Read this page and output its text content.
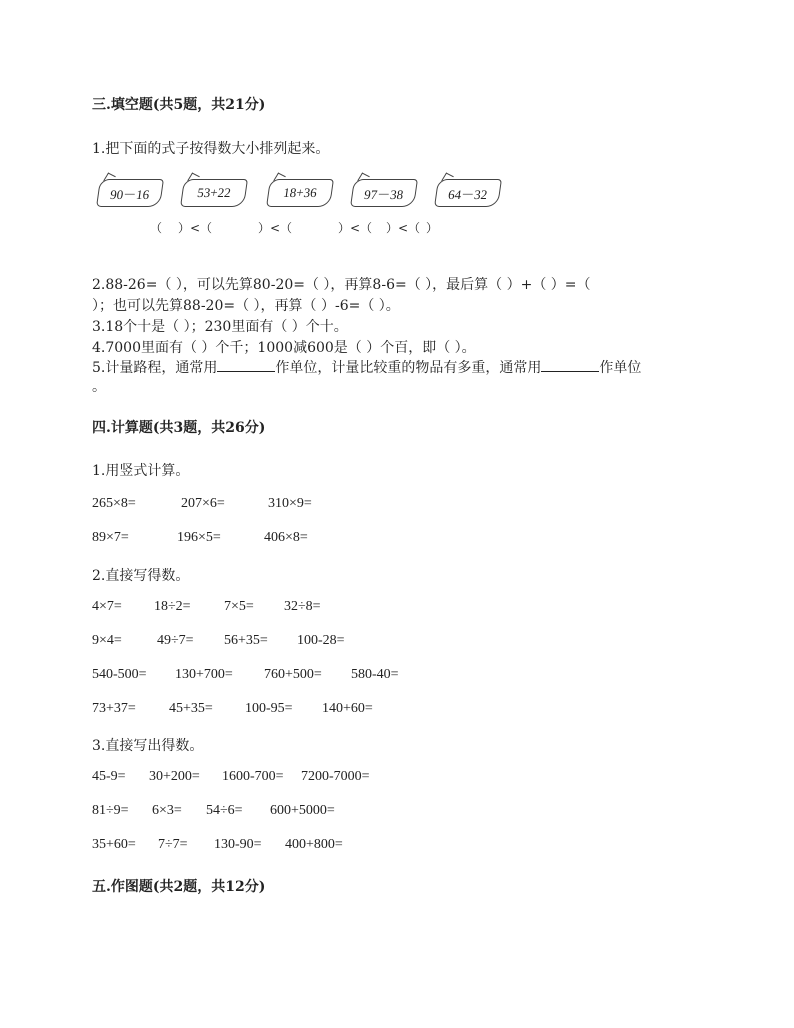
三.填空题(共5题，共21分)
1.把下面的式子按得数大小排列起来。
90－16	53+22	18+36	97－38	64－32
（ ）<（	）<（	）<（ ）<（ ）
2.88-26=（ ），可以先算80-20=（ ），再算8-6=（ ），最后算（ ）+（ ）=（
）；也可以先算88-20=（ ），再算（ ）-6=（ ）。
3.18个十是（ ）；230里面有（ ）个十。
4.7000里面有（ ）个千；1000减600是（ ）个百，即（ ）。
5.计量路程，通常用	作单位，计量比较重的物品有多重，通常用	作单位
。
四.计算题(共3题，共26分)
1.用竖式计算。
265×8=	207×6=	310×9=
89×7=	196×5=	406×8=
2.直接写得数。
4×7= 18÷2= 7×5= 32÷8=
9×4=	49÷7= 56+35= 100-28=
540-500= 130+700= 760+500= 580-40=
73+37= 45+35= 100-95= 140+60=
3.直接写出得数。
45-9= 30+200= 1600-700= 7200-7000=
81÷9= 6×3= 54÷6= 600+5000=
35+60= 7÷7= 130-90= 400+800=
五.作图题(共2题，共12分)
